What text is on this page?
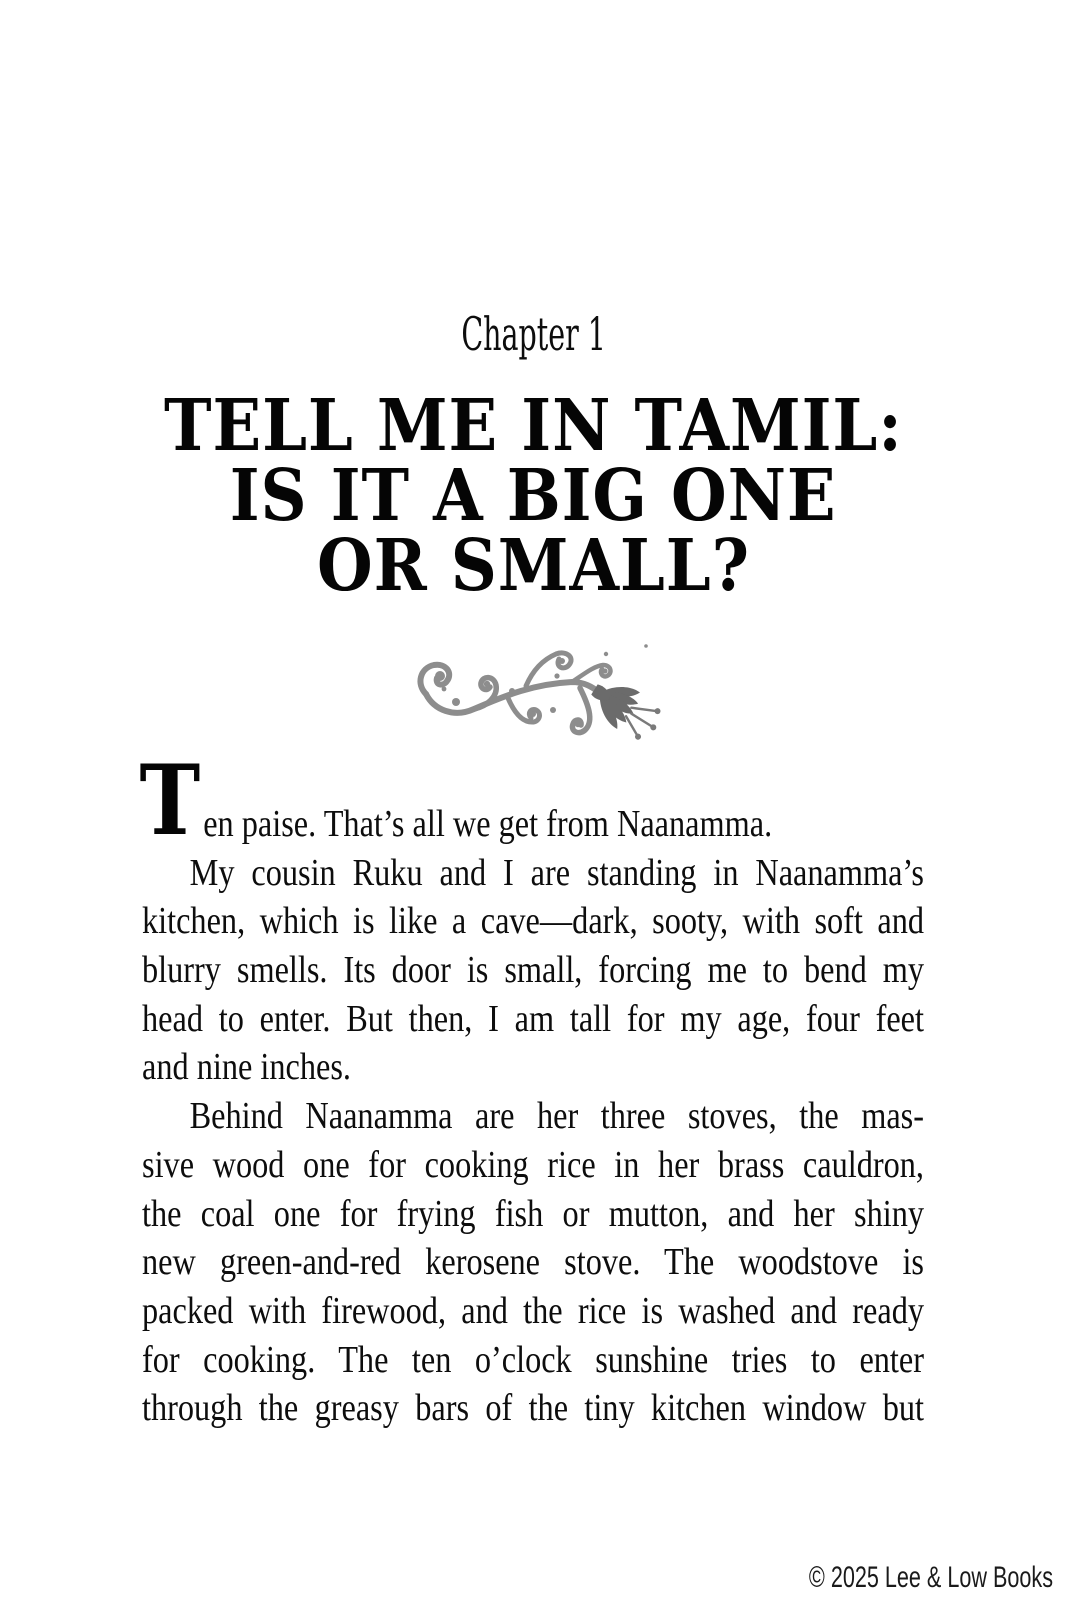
Chapter 1
TELL ME IN TAMIL:
IS IT A BIG ONE
OR SMALL?
T en paise. That’s all we get from Naanamma.
My cousin Ruku and I are standing in Naanamma’s
kitchen, which is like a cave—dark, sooty, with soft and
blurry smells. Its door is small, forcing me to bend my
head to enter. But then, I am tall for my age, four feet
and nine inches.
Behind Naanamma are her three stoves, the mas-
sive wood one for cooking rice in her brass cauldron,
the coal one for frying fish or mutton, and her shiny
new green-and-red kerosene stove. The woodstove is
packed with firewood, and the rice is washed and ready
for cooking. The ten o’clock sunshine tries to enter
through the greasy bars of the tiny kitchen window but
© 2025 Lee & Low Books
